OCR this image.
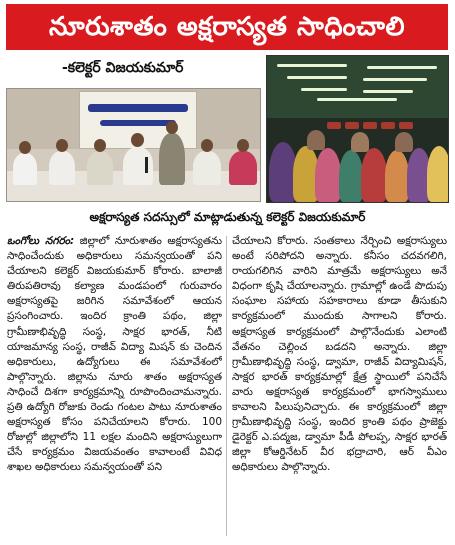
నూరుశాతం అక్షరాస్యత సాధించాలి
-కలెక్టర్ విజయకుమార్
అక్షరాస్యత సదస్సులో మాట్లాడుతున్న కలెక్టర్ విజయకుమార్

ఒంగోలు నగరం: జిల్లాలో నూరుశాతం అక్షరాస్యతను సాధించేందుకు అధికారులు సమన్వయంతో పని చేయాలని కలెక్టర్ విజయకుమార్ కోరారు. బాలాజీ తిరుపతిరావు కల్యాణ మండపంలో గురువారం అక్షరాస్యతపై జరిగిన సమావేశంలో ఆయన ప్రసంగించారు. ఇందిర క్రాంతి పథం, జిల్లా గ్రామీణాభివృద్ధి సంస్థ, సాక్షర భారత్, నీటి యాజమాన్య సంస్థ, రాజీవ్ విద్యా మిషన్ కు చెందిన అధికారులు, ఉద్యోగులు ఈ సమావేశంలో పాల్గొన్నారు. జిల్లాను నూరు శాతం అక్షరాస్యత సాధించే దిశగా కార్యక్రమాన్ని రూపొందించామన్నారు. ప్రతి ఉద్యోగి రోజుకు రెండు గంటల పాటు నూరుశాతం అక్షరాస్యత కోసం పనిచేయాలని కోరారు. 100 రోజుల్లో జిల్లాలోని 11 లక్షల మందిని అక్షరాస్యులుగా చేసే కార్యక్రమం విజయవంతం కావాలంటే వివిధ శాఖల అధికారులు సమన్వయంతో పని

చేయాలని కోరారు. సంతకాలు నేర్చించి అక్షరాస్యులు అంటే సరిపోదని అన్నారు. కనీసం చదవగలిగి, రాయగలిగిన వారిని మాత్రమే అక్షరాస్యులు అనే విధంగా కృషి చేయాలన్నారు. గ్రామాల్లో ఉండే పొదుపు సంఘాల సహాయ సహకారాలు కూడా తీసుకుని కార్యక్రమంలో ముందుకు సాగాలని కోరారు. అక్షరాస్యత కార్యక్రమంలో పాల్గొనేందుకు ఎలాంటి వేతనం చెల్లించ బడదని అన్నారు. జిల్లా గ్రామీణాభివృద్ధి సంస్థ, డ్వామా, రాజీవ్ విద్యామిషన్, సాక్షర భారత్ కార్యక్రమాల్లో క్షేత్ర స్థాయిలో పనిచేసే వారు అక్షరాస్యత కార్యక్రమంలో భాగస్వాములు కావాలని పిలుపునిచ్చారు. ఈ కార్యక్రమంలో జిల్లా గ్రామీణాభివృద్ధి సంస్థ, ఇందిర క్రాంతి పథం ప్రాజెక్టు డైరెక్టర్ ఎ.పద్మజ, డ్వామా పీడీ పోలప్ప, సాక్షర భారత్ జిల్లా కోఆర్డినేటర్ వీర భద్రాచారి, ఆర్ వీఎం అధికారులు పాల్గొన్నారు.
